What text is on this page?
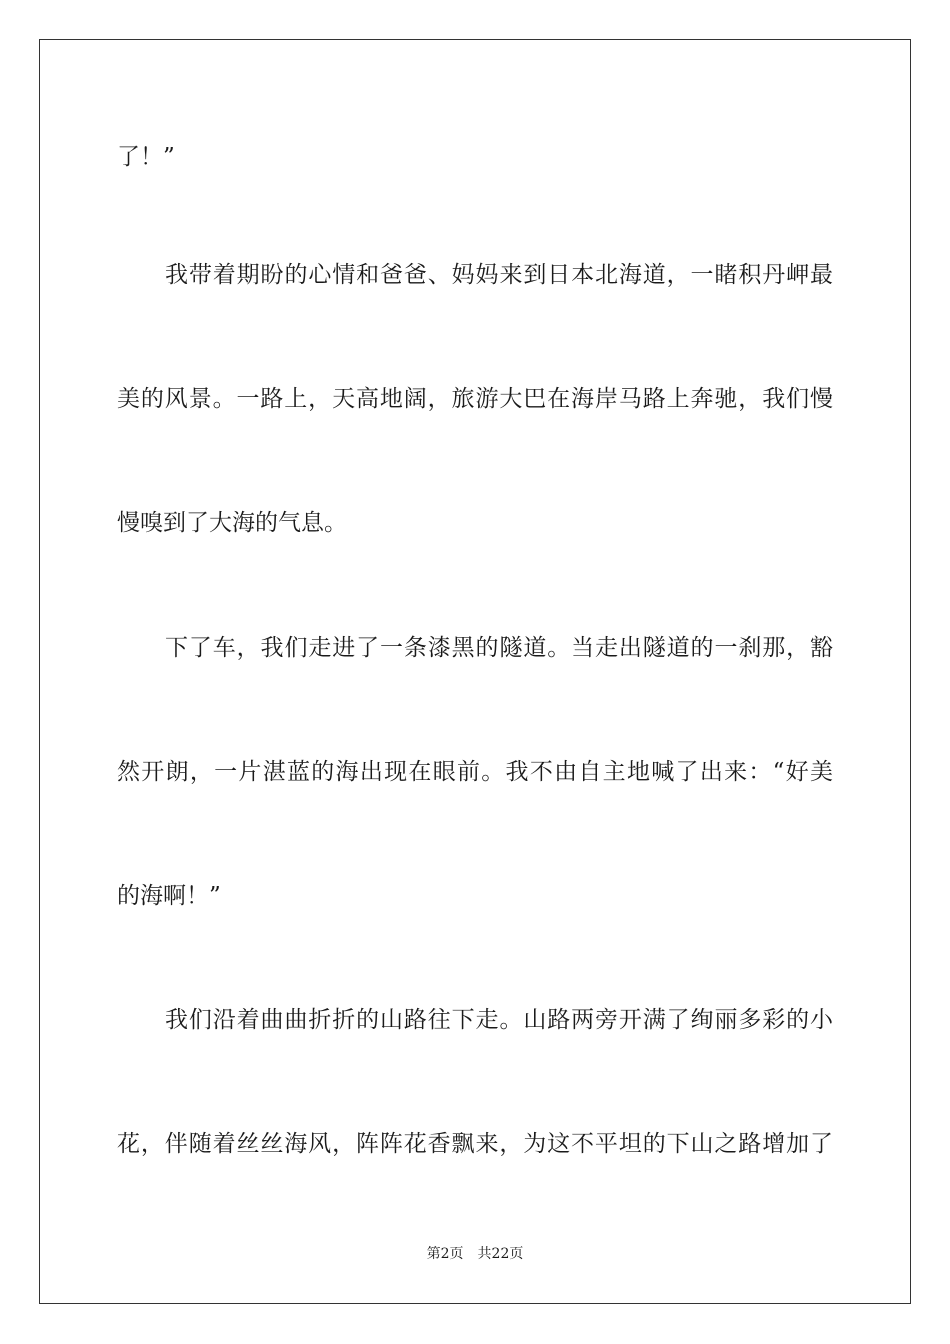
了！”
我带着期盼的心情和爸爸、妈妈来到日本北海道，一睹积丹岬最
美的风景。一路上，天高地阔，旅游大巴在海岸马路上奔驰，我们慢
慢嗅到了大海的气息。
下了车，我们走进了一条漆黑的隧道。当走出隧道的一刹那，豁
然开朗，一片湛蓝的海出现在眼前。我不由自主地喊了出来：“好美
的海啊！”
我们沿着曲曲折折的山路往下走。山路两旁开满了绚丽多彩的小
花，伴随着丝丝海风，阵阵花香飘来，为这不平坦的下山之路增加了
第2页 共22页
